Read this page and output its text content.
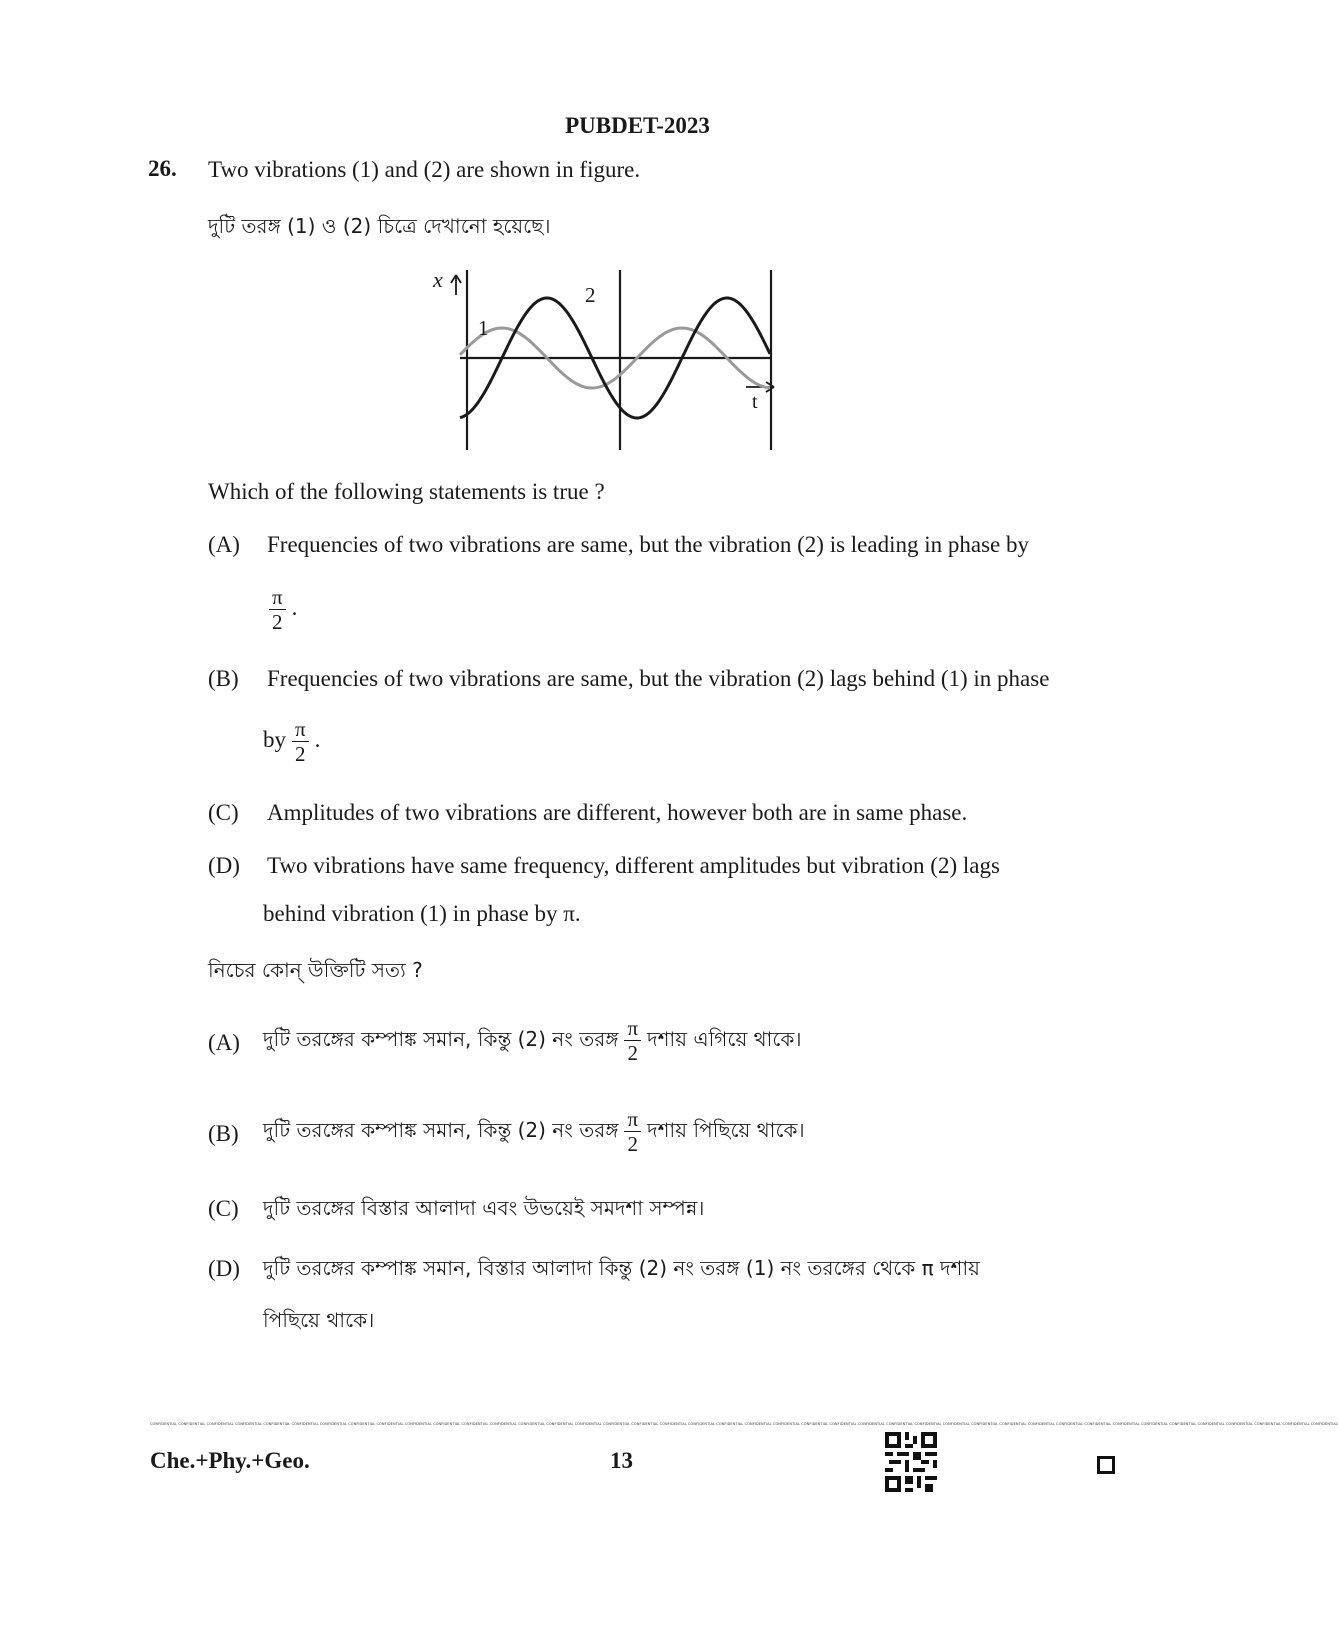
PUBDET-2023
26. Two vibrations (1) and (2) are shown in figure.
দুটি তরঙ্গ (1) ও (2) চিত্রে দেখানো হয়েছে।
x
t
1
2
Which of the following statements is true ?
(A) Frequencies of two vibrations are same, but the vibration (2) is leading in phase by
$\frac{\pi}{2}$ .
(B) Frequencies of two vibrations are same, but the vibration (2) lags behind (1) in phase
by $\frac{\pi}{2}$ .
(C) Amplitudes of two vibrations are different, however both are in same phase.
(D) Two vibrations have same frequency, different amplitudes but vibration (2) lags
behind vibration (1) in phase by π.
নিচের কোন্ উক্তিটি সত্য ?
(A) দুটি তরঙ্গের কম্পাঙ্ক সমান, কিন্তু (2) নং তরঙ্গ $\frac{\pi}{2}$ দশায় এগিয়ে থাকে।
(B) দুটি তরঙ্গের কম্পাঙ্ক সমান, কিন্তু (2) নং তরঙ্গ $\frac{\pi}{2}$ দশায় পিছিয়ে থাকে।
(C) দুটি তরঙ্গের বিস্তার আলাদা এবং উভয়েই সমদশা সম্পন্ন।
(D) দুটি তরঙ্গের কম্পাঙ্ক সমান, বিস্তার আলাদা কিন্তু (2) নং তরঙ্গ (1) নং তরঙ্গের থেকে π দশায়
পিছিয়ে থাকে।
CONFIDENTIAL CONFIDENTIAL CONFIDENTIAL CONFIDENTIAL CONFIDENTIAL CONFIDENTIAL CONFIDENTIAL CONFIDENTIAL CONFIDENTIAL CONFIDENTIAL CONFIDENTIAL CONFIDENTIAL CONFIDENTIAL CONFIDENTIAL CONFIDENTIAL CONFIDENTIAL CONFIDENTIAL CONFIDENTIAL CONFIDENTIAL CONFIDENTIAL CONFIDENTIAL CONFIDENTIAL CONFIDENTIAL CONFIDENTIAL CONFIDENTIAL CONFIDENTIAL CONFIDENTIAL CONFIDENTIAL CONFIDENTIAL CONFIDENTIAL CONFIDENTIAL CONFIDENTIAL CONFIDENTIAL CONFIDENTIAL CONFIDENTIAL CONFIDENTIAL CONFIDENTIAL CONFIDENTIAL CONFIDENTIAL CONFIDENTIAL CONFIDENTIAL CONFIDENTIAL
Che.+Phy.+Geo.	13
